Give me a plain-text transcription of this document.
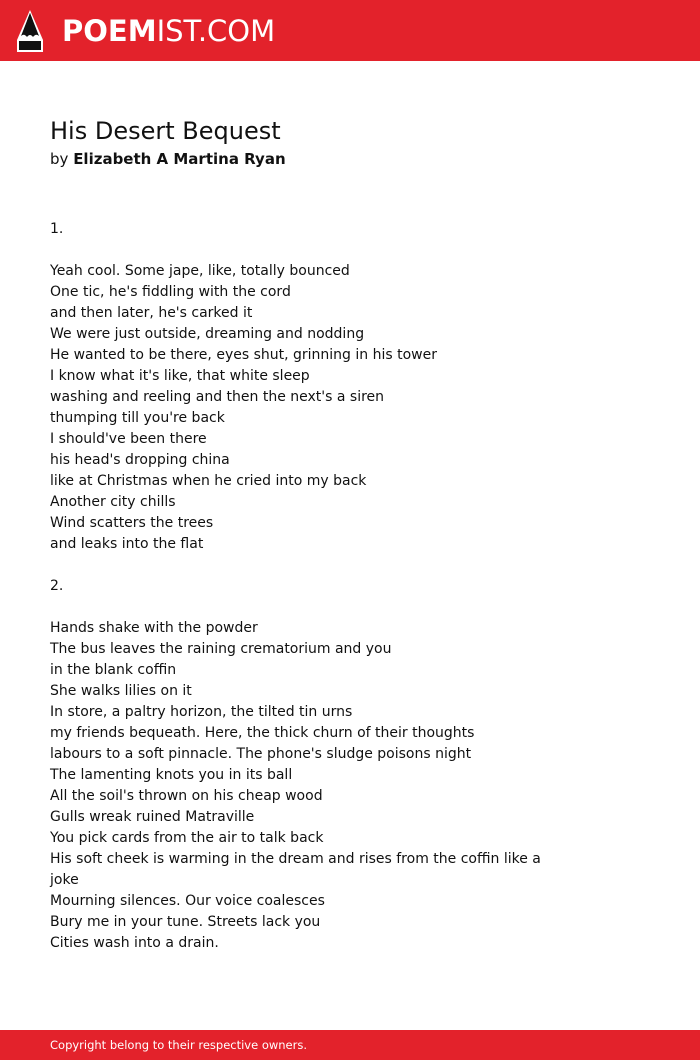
POEMIST.COM
His Desert Bequest
by Elizabeth A Martina Ryan
1.
Yeah cool. Some jape, like, totally bounced
One tic, he's fiddling with the cord
and then later, he's carked it
We were just outside, dreaming and nodding
He wanted to be there, eyes shut, grinning in his tower
I know what it's like, that white sleep
washing and reeling and then the next's a siren
thumping till you're back
I should've been there
his head's dropping china
like at Christmas when he cried into my back
Another city chills
Wind scatters the trees
and leaks into the flat
2.
Hands shake with the powder
The bus leaves the raining crematorium and you
in the blank coffin
She walks lilies on it
In store, a paltry horizon, the tilted tin urns
my friends bequeath. Here, the thick churn of their thoughts
labours to a soft pinnacle. The phone's sludge poisons night
The lamenting knots you in its ball
All the soil's thrown on his cheap wood
Gulls wreak ruined Matraville
You pick cards from the air to talk back
His soft cheek is warming in the dream and rises from the coffin like a
joke
Mourning silences. Our voice coalesces
Bury me in your tune. Streets lack you
Cities wash into a drain.
Copyright belong to their respective owners.
